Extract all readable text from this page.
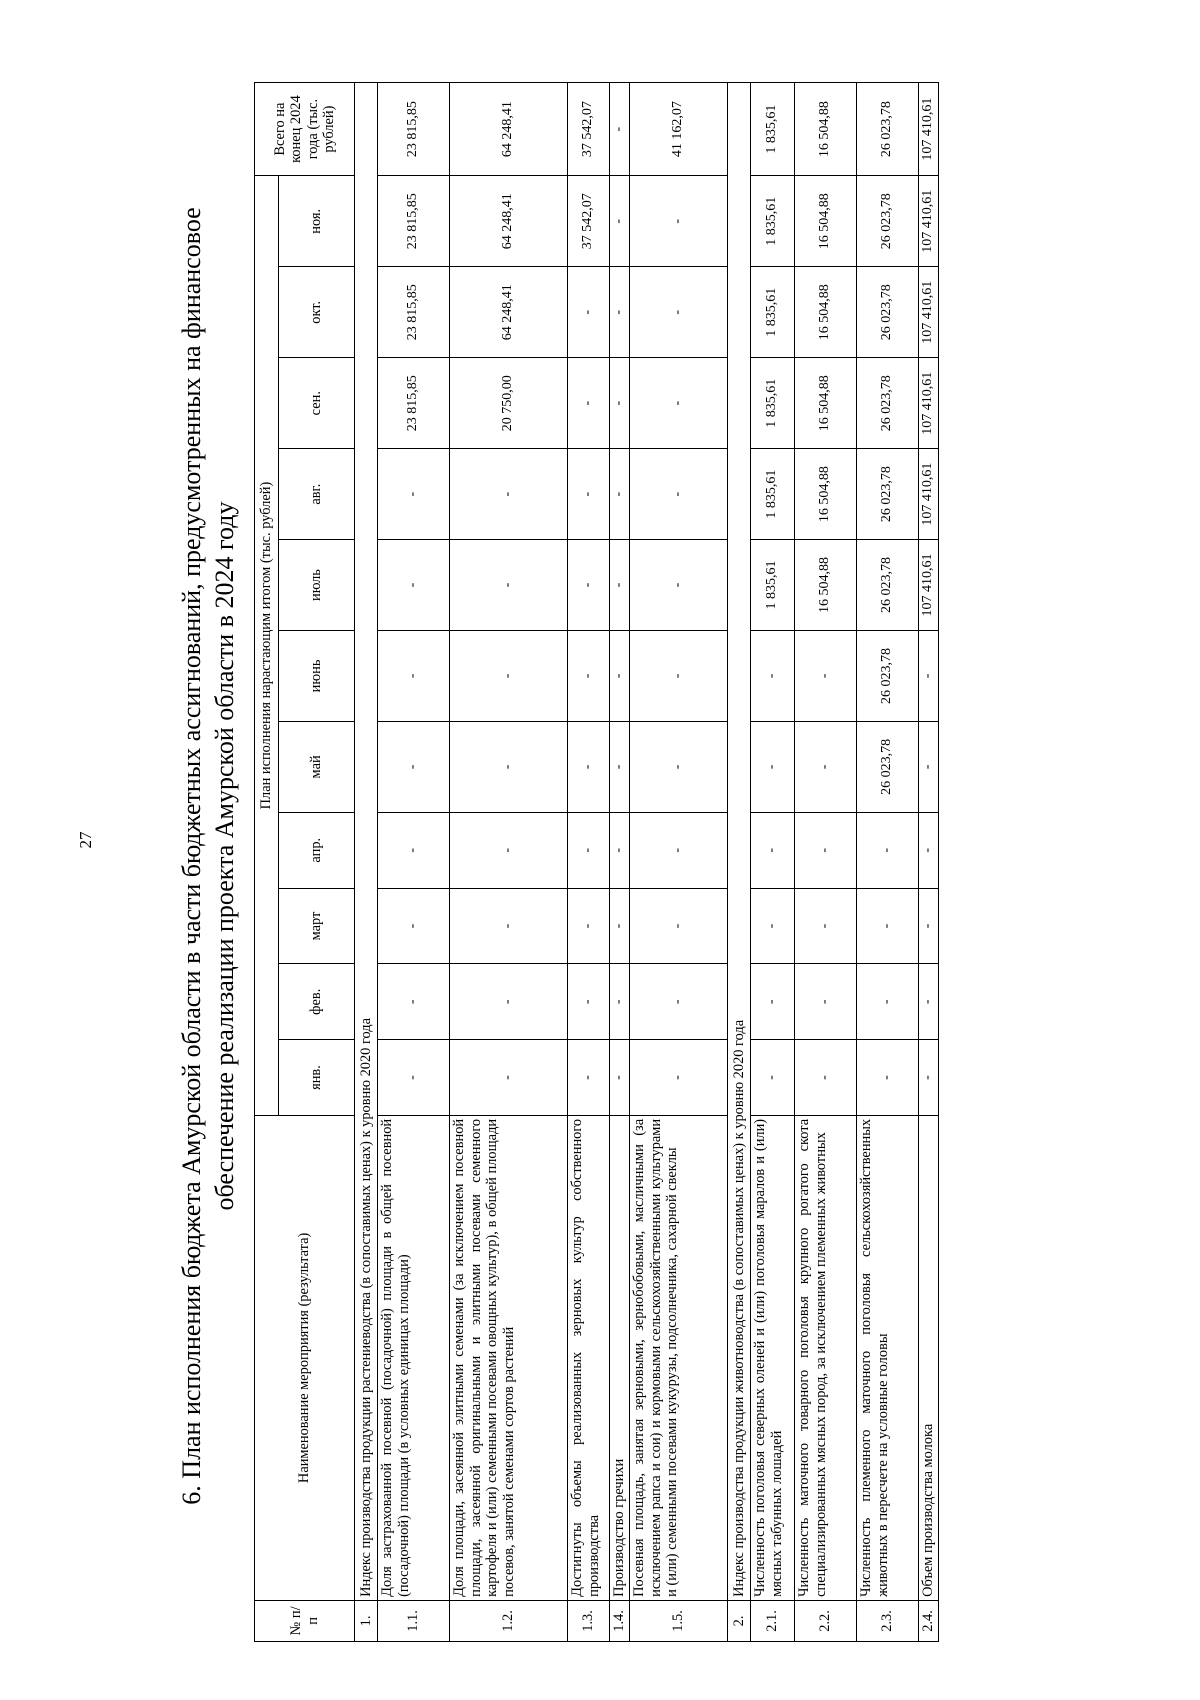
27	6. План исполнения бюджета Амурской области в части бюджетных ассигнований, предусмотренных на финансовое обеспечение реализации проекта Амурской области в 2024 году
№ п/п	Наименование мероприятия (результата)	План исполнения нарастающим итогом (тыс. рублей)											Всего на конец 2024 года (тыс. рублей)
		янв.	фев.	март	апр.	май	июнь	июль	авг.	сен.	окт.	ноя.	
1.	Индекс производства продукции растениеводства (в сопоставимых ценах) к уровню 2020 года												
1.1.	Доля застрахованной посевной (посадочной) площади в общей посевной (посадочной) площади (в условных единицах площади)	-	-	-	-	-	-	-	-	23 815,85	23 815,85	23 815,85	23 815,85
1.2.	Доля площади, засеянной элитными семенами (за исключением посевной площади, засеянной оригинальными и элитными посевами семенного картофеля и (или) семенными посевами овощных культур), в общей площади посевов, занятой семенами сортов растений	-	-	-	-	-	-	-	-	20 750,00	64 248,41	64 248,41	64 248,41
1.3.	Достигнуты объемы реализованных зерновых культур собственного производства	-	-	-	-	-	-	-	-	-	-	37 542,07	37 542,07
1.4.	Производство гречихи	-	-	-	-	-	-	-	-	-	-	-	-
1.5.	Посевная площадь, занятая зерновыми, зернобобовыми, масличными (за исключением рапса и сои) и кормовыми сельскохозяйственными культурами и (или) семенными посевами кукурузы, подсолнечника, сахарной свеклы	-	-	-	-	-	-	-	-	-	-	-	41 162,07
2.	Индекс производства продукции животноводства (в сопоставимых ценах) к уровню 2020 года												
2.1.	Численность поголовья северных оленей и (или) поголовья маралов и (или) мясных табунных лошадей	-	-	-	-	-	-	1 835,61	1 835,61	1 835,61	1 835,61	1 835,61	1 835,61
2.2.	Численность маточного товарного поголовья крупного рогатого скота специализированных мясных пород, за исключением племенных животных	-	-	-	-	-	-	16 504,88	16 504,88	16 504,88	16 504,88	16 504,88	16 504,88
2.3.	Численность племенного маточного поголовья сельскохозяйственных животных в пересчете на условные головы	-	-	-	-	26 023,78	26 023,78	26 023,78	26 023,78	26 023,78	26 023,78	26 023,78	26 023,78
2.4.	Объем производства молока	-	-	-	-	-	-	107 410,61	107 410,61	107 410,61	107 410,61	107 410,61	107 410,61
